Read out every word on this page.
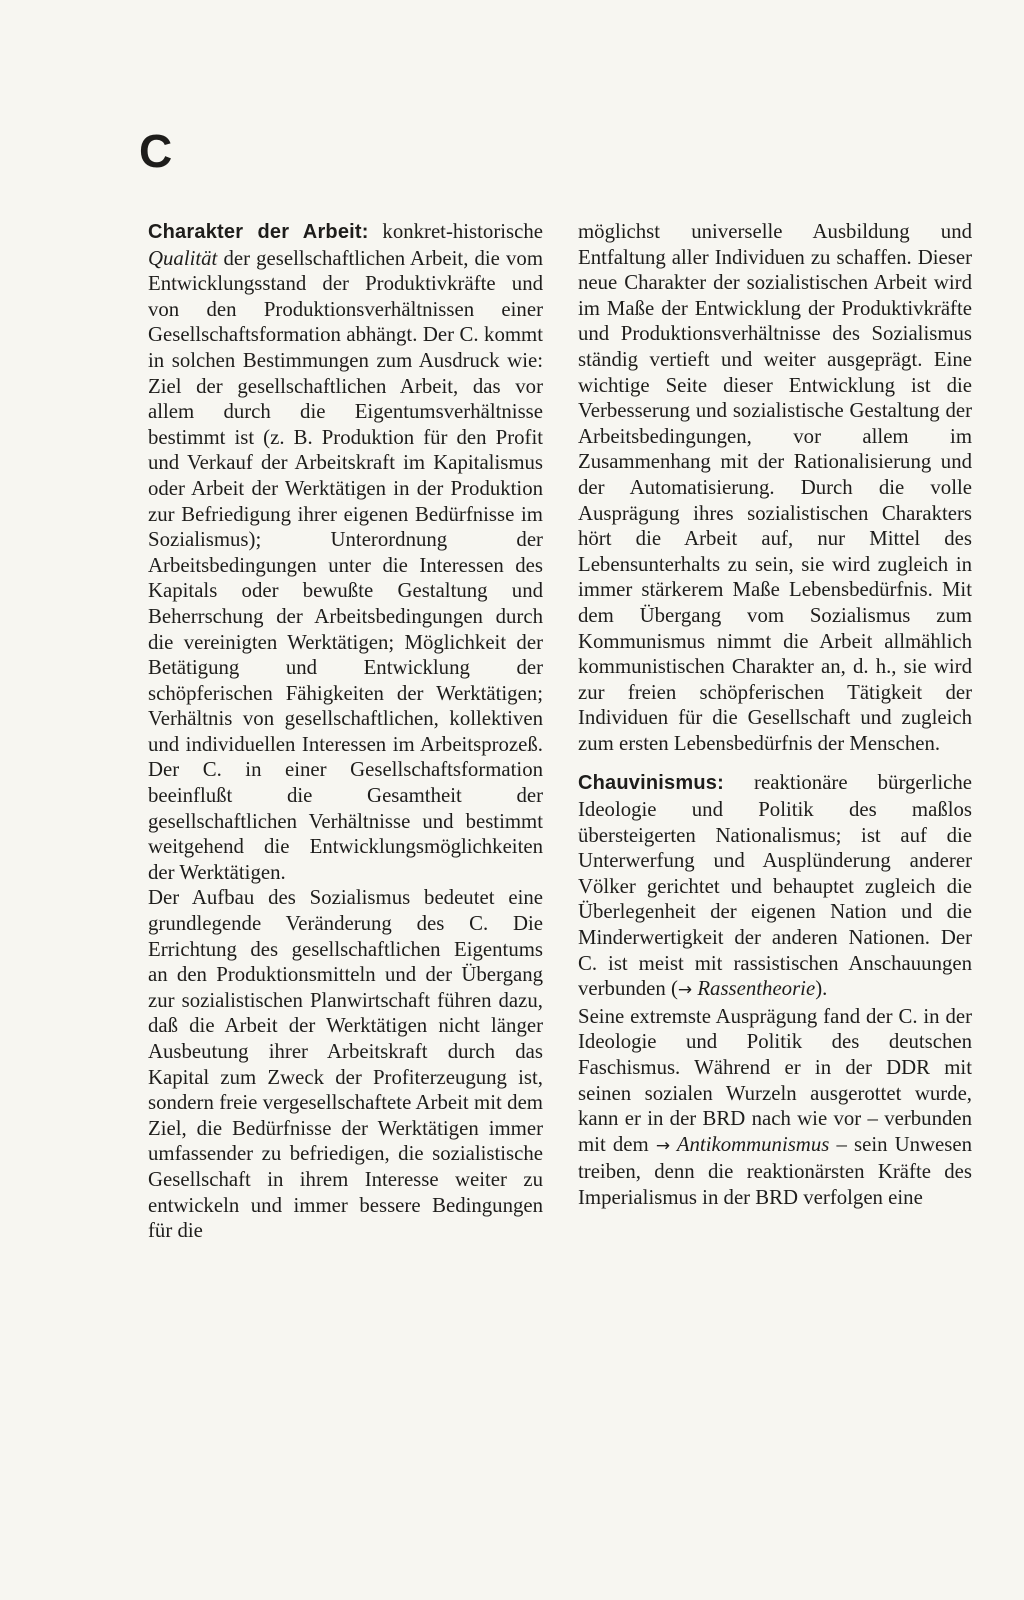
C

Charakter der Arbeit: konkret-historische Qualität der gesellschaftlichen Arbeit, die vom Entwicklungsstand der Produktivkräfte und von den Produktionsverhältnissen einer Gesellschaftsformation abhängt. Der C. kommt in solchen Bestimmungen zum Ausdruck wie: Ziel der gesellschaftlichen Arbeit, das vor allem durch die Eigentumsverhältnisse bestimmt ist (z. B. Produktion für den Profit und Verkauf der Arbeitskraft im Kapitalismus oder Arbeit der Werktätigen in der Produktion zur Befriedigung ihrer eigenen Bedürfnisse im Sozialismus); Unterordnung der Arbeitsbedingungen unter die Interessen des Kapitals oder bewußte Gestaltung und Beherrschung der Arbeitsbedingungen durch die vereinigten Werktätigen; Möglichkeit der Betätigung und Entwicklung der schöpferischen Fähigkeiten der Werktätigen; Verhältnis von gesellschaftlichen, kollektiven und individuellen Interessen im Arbeitsprozeß. Der C. in einer Gesellschaftsformation beeinflußt die Gesamtheit der gesellschaftlichen Verhältnisse und bestimmt weitgehend die Entwicklungsmöglichkeiten der Werktätigen.

Der Aufbau des Sozialismus bedeutet eine grundlegende Veränderung des C. Die Errichtung des gesellschaftlichen Eigentums an den Produktionsmitteln und der Übergang zur sozialistischen Planwirtschaft führen dazu, daß die Arbeit der Werktätigen nicht länger Ausbeutung ihrer Arbeitskraft durch das Kapital zum Zweck der Profiterzeugung ist, sondern freie vergesellschaftete Arbeit mit dem Ziel, die Bedürfnisse der Werktätigen immer umfassender zu befriedigen, die sozialistische Gesellschaft in ihrem Interesse weiter zu entwickeln und immer bessere Bedingungen für die

möglichst universelle Ausbildung und Entfaltung aller Individuen zu schaffen. Dieser neue Charakter der sozialistischen Arbeit wird im Maße der Entwicklung der Produktivkräfte und Produktionsverhältnisse des Sozialismus ständig vertieft und weiter ausgeprägt. Eine wichtige Seite dieser Entwicklung ist die Verbesserung und sozialistische Gestaltung der Arbeitsbedingungen, vor allem im Zusammenhang mit der Rationalisierung und der Automatisierung. Durch die volle Ausprägung ihres sozialistischen Charakters hört die Arbeit auf, nur Mittel des Lebensunterhalts zu sein, sie wird zugleich in immer stärkerem Maße Lebensbedürfnis. Mit dem Übergang vom Sozialismus zum Kommunismus nimmt die Arbeit allmählich kommunistischen Charakter an, d. h., sie wird zur freien schöpferischen Tätigkeit der Individuen für die Gesellschaft und zugleich zum ersten Lebensbedürfnis der Menschen.

Chauvinismus: reaktionäre bürgerliche Ideologie und Politik des maßlos übersteigerten Nationalismus; ist auf die Unterwerfung und Ausplünderung anderer Völker gerichtet und behauptet zugleich die Überlegenheit der eigenen Nation und die Minderwertigkeit der anderen Nationen. Der C. ist meist mit rassistischen Anschauungen verbunden (→ Rassentheorie).

Seine extremste Ausprägung fand der C. in der Ideologie und Politik des deutschen Faschismus. Während er in der DDR mit seinen sozialen Wurzeln ausgerottet wurde, kann er in der BRD nach wie vor – verbunden mit dem → Antikommunismus – sein Unwesen treiben, denn die reaktionärsten Kräfte des Imperialismus in der BRD verfolgen eine
